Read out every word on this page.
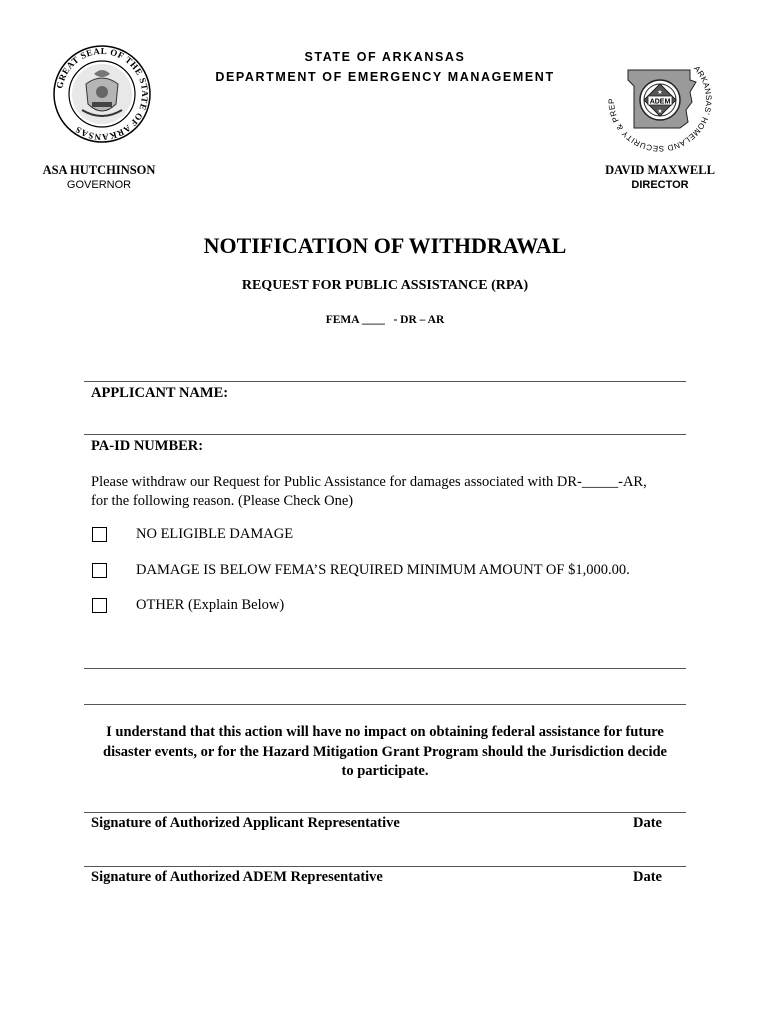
GREAT SEAL OF THE STATE OF ARKANSAS
STATE OF ARKANSAS
DEPARTMENT OF EMERGENCY MANAGEMENT
ARKANSAS' HOMELAND SECURITY & PREP	ADEM
★
★
ASA HUTCHINSON
GOVERNOR
DAVID MAXWELL
DIRECTOR
NOTIFICATION OF WITHDRAWAL
REQUEST FOR PUBLIC ASSISTANCE (RPA)
FEMA ____ - DR – AR
APPLICANT NAME:
PA-ID NUMBER:
Please withdraw our Request for Public Assistance for damages associated with DR-_____-AR,
for the following reason. (Please Check One)
NO ELIGIBLE DAMAGE
DAMAGE IS BELOW FEMA’S REQUIRED MINIMUM AMOUNT OF $1,000.00.
OTHER (Explain Below)
I understand that this action will have no impact on obtaining federal assistance for future
disaster events, or for the Hazard Mitigation Grant Program should the Jurisdiction decide
to participate.
Signature of Authorized Applicant Representative	Date
Signature of Authorized ADEM Representative	Date
